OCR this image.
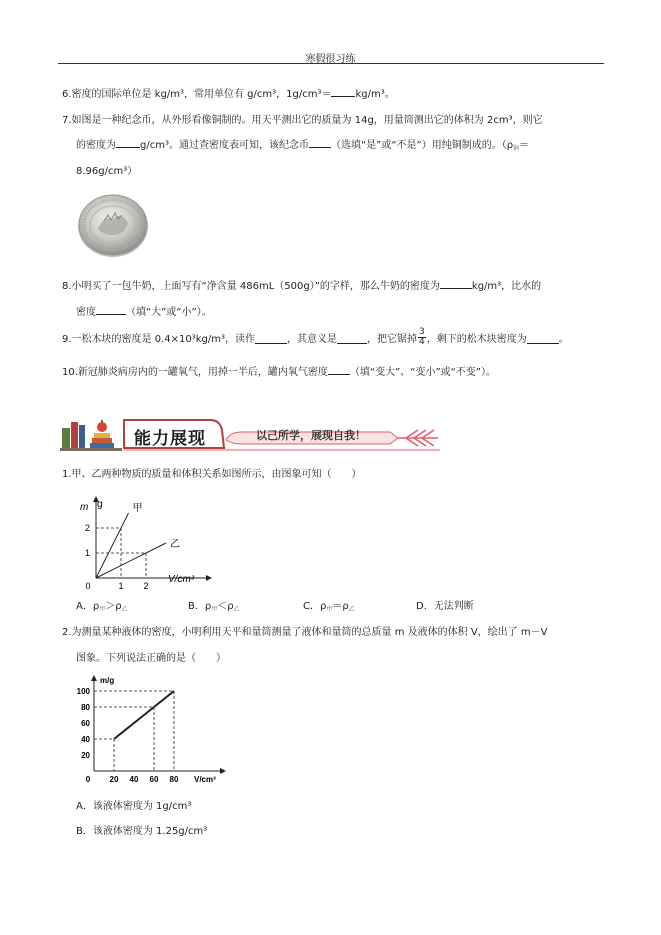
寒假很习练
6.密度的国际单位是 kg/m³，常用单位有 g/cm³，1g/cm³＝ kg/m³。
7.如图是一种纪念币，从外形看像铜制的。用天平测出它的质量为 14g，用量筒测出它的体积为 2cm³，则它
的密度为 g/cm³。通过查密度表可知，该纪念币 （选填“是”或“不是”）用纯铜制成的。（$\rho_铜=$
8.96g/cm³）
8.小明买了一包牛奶，上面写有“净含量 486mL（500g）”的字样，那么牛奶的密度为	kg/m³，比水的
密度	（填“大”或“小”）。
9.一松木块的密度是 0.4×10³kg/m³，读作	，其意义是	，把它锯掉 $\frac{3}{4}$ ，剩下的松木块密度为	。
10.新冠肺炎病房内的一罐氧气，用掉一半后，罐内氧气密度 （填“变大”、“变小”或“不变”）。
能力展现	以己所学，展现自我！
1.甲、乙两种物质的质量和体积关系如图所示，由图象可知（　　）
m g
V/cm³
甲
乙
0	1 2
1
2
A．$\rho_甲>\rho_乙$	B．$\rho_甲<\rho_乙$	C．$\rho_甲=\rho_乙$	D．无法判断
2.为测量某种液体的密度，小明利用天平和量筒测量了液体和量筒的总质量 m 及液体的体积 V，绘出了 m－V
图象。下列说法正确的是（　　）
m/g
V/cm³
0 20 40 60 80
20
40
60
80
100
A．该液体密度为 1g/cm³
B．该液体密度为 1.25g/cm³
